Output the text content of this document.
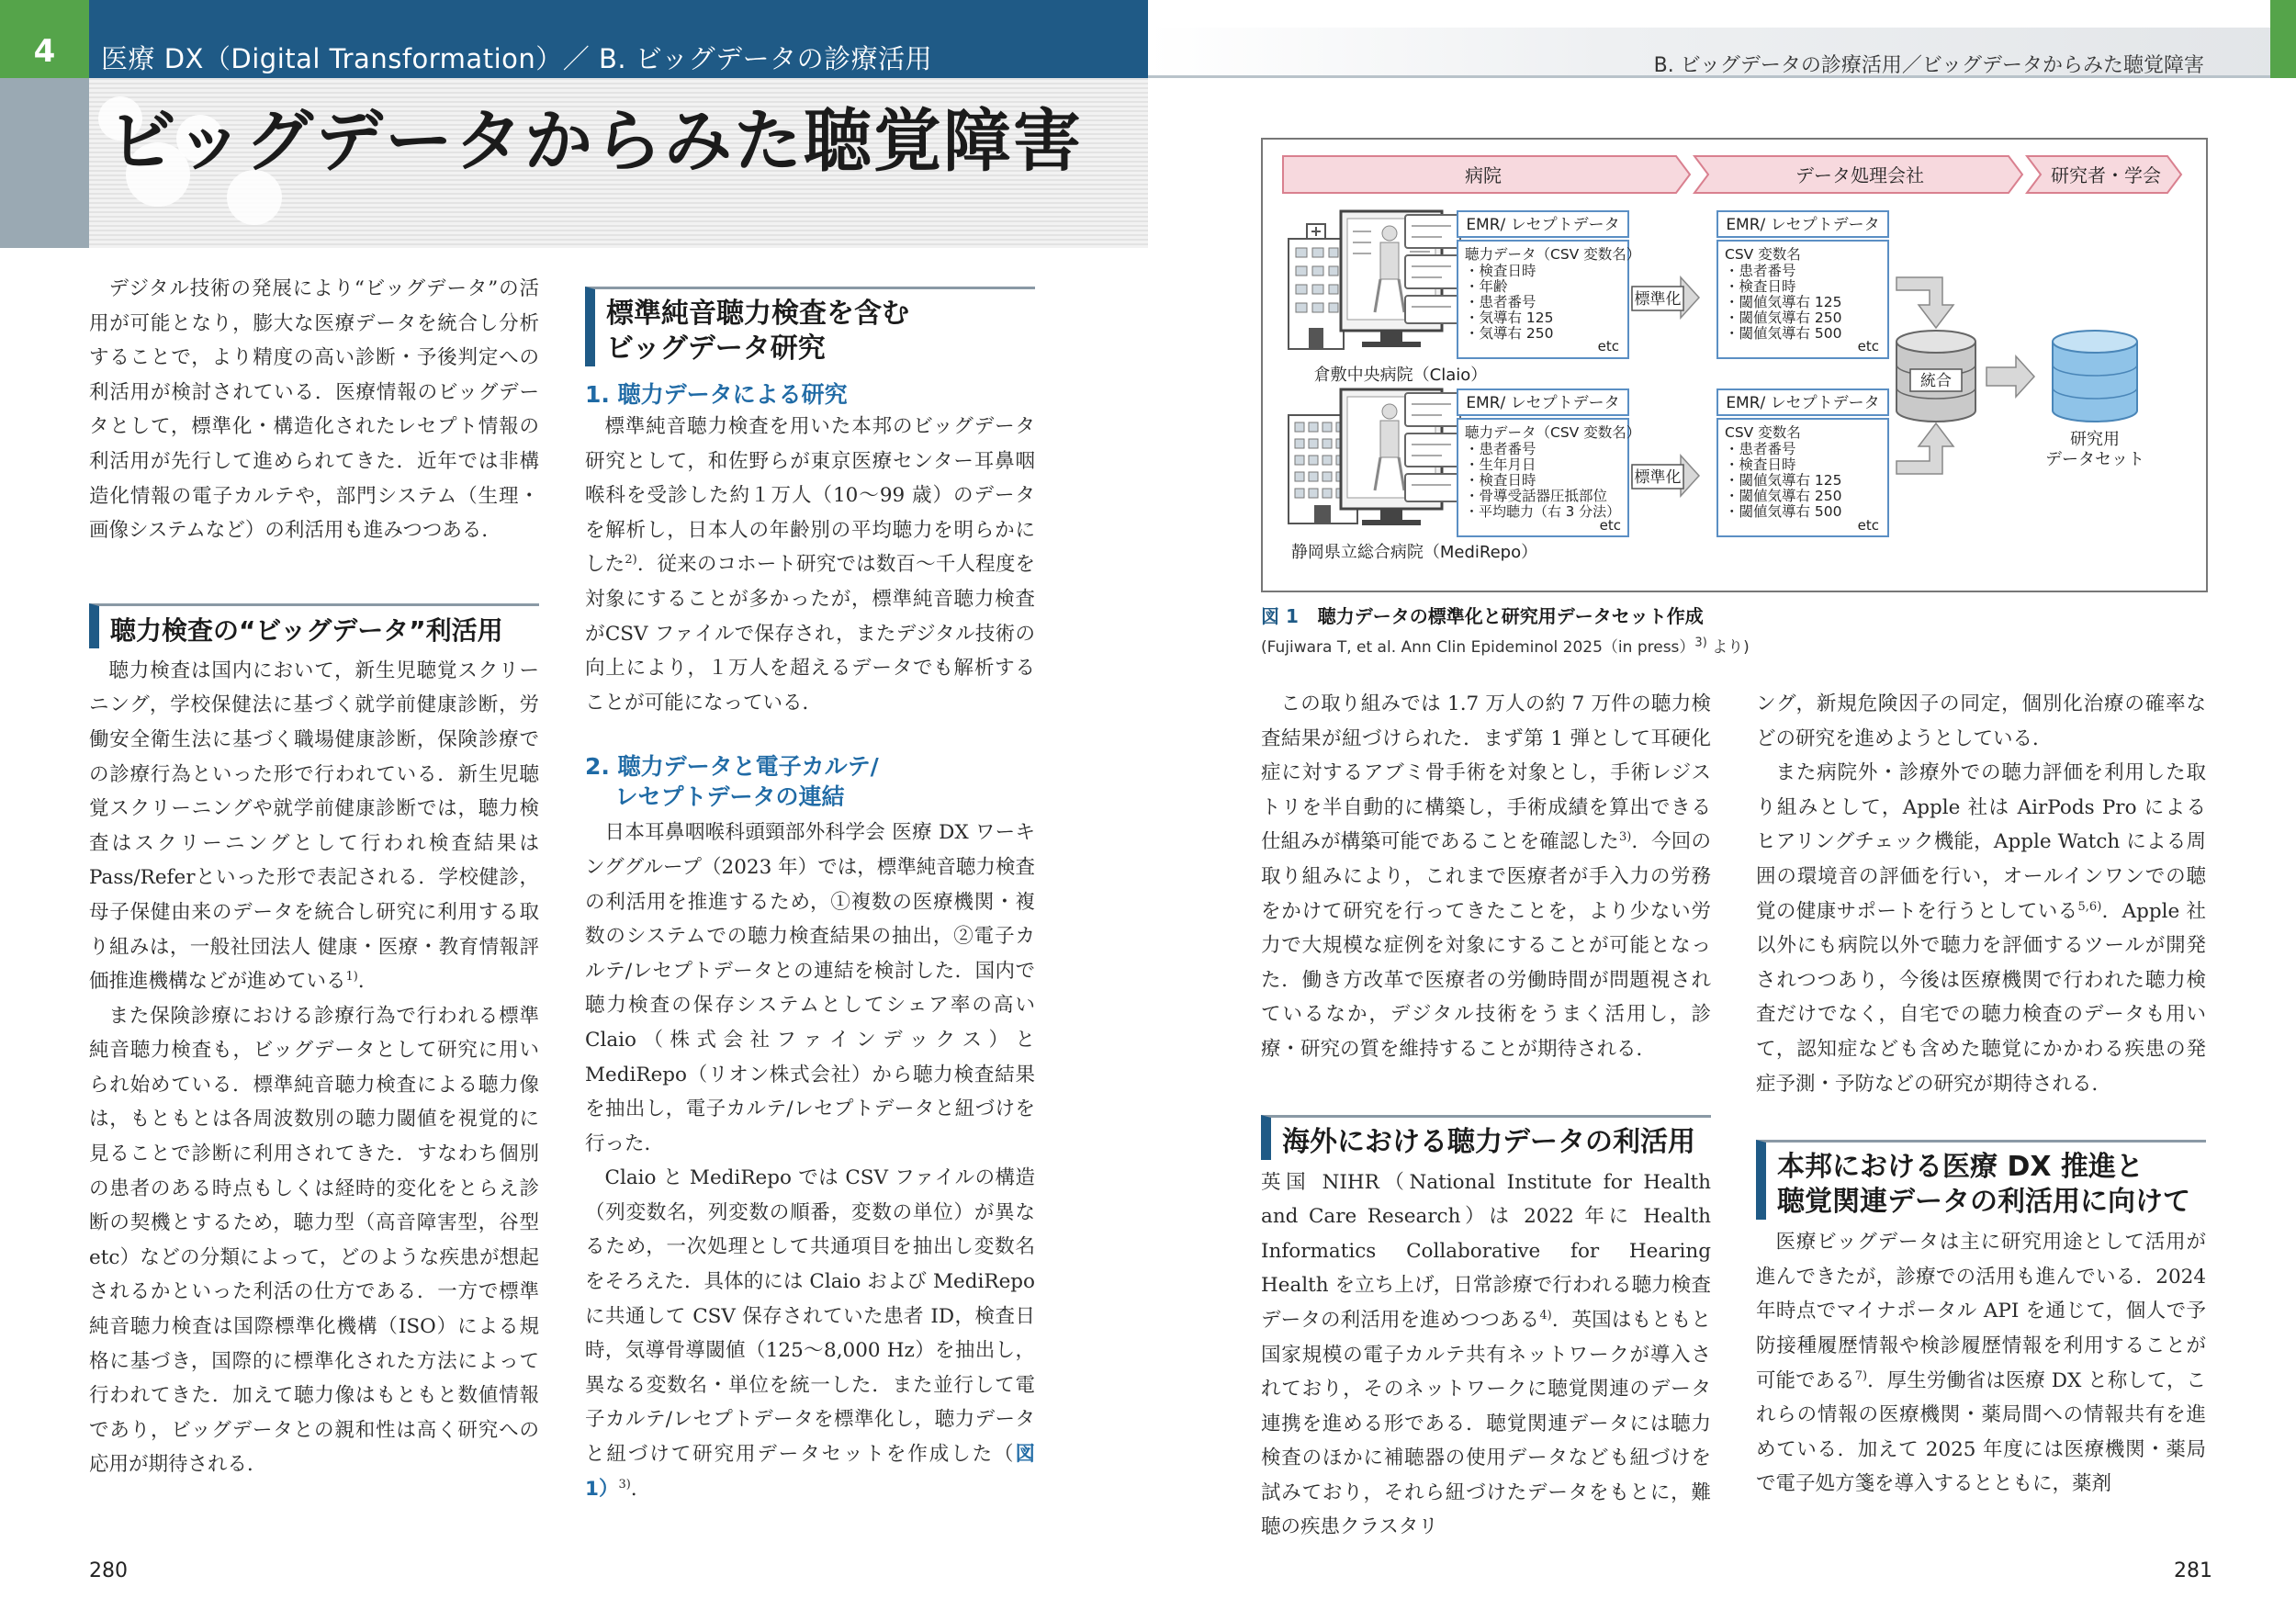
4	医療 DX（Digital Transformation）／ B. ビッグデータの診療活用
ビッグデータからみた聴覚障害
B. ビッグデータの診療活用／ビッグデータからみた聴覚障害

デジタル技術の発展により“ビッグデータ”の活用が可能となり，膨大な医療データを統合し分析することで，より精度の高い診断・予後判定への利活用が検討されている．医療情報のビッグデータとして，標準化・構造化されたレセプト情報の利活用が先行して進められてきた．近年では非構造化情報の電子カルテや，部門システム（生理・画像システムなど）の利活用も進みつつある．

聴力検査の“ビッグデータ”利活用

聴力検査は国内において，新生児聴覚スクリーニング，学校保健法に基づく就学前健康診断，労働安全衛生法に基づく職場健康診断，保険診療での診療行為といった形で行われている．新生児聴覚スクリーニングや就学前健康診断では，聴力検査はスクリーニングとして行われ検査結果はPass/Referといった形で表記される．学校健診，母子保健由来のデータを統合し研究に利用する取り組みは，一般社団法人 健康・医療・教育情報評価推進機構などが進めている$^{1)}$．

また保険診療における診療行為で行われる標準純音聴力検査も，ビッグデータとして研究に用いられ始めている．標準純音聴力検査による聴力像は，もともとは各周波数別の聴力閾値を視覚的に見ることで診断に利用されてきた．すなわち個別の患者のある時点もしくは経時的変化をとらえ診断の契機とするため，聴力型（高音障害型，谷型etc）などの分類によって，どのような疾患が想起されるかといった利活の仕方である．一方で標準純音聴力検査は国際標準化機構（ISO）による規格に基づき，国際的に標準化された方法によって行われてきた．加えて聴力像はもともと数値情報であり，ビッグデータとの親和性は高く研究への応用が期待される．

標準純音聴力検査を含む
ビッグデータ研究
1. 聴力データによる研究

標準純音聴力検査を用いた本邦のビッグデータ研究として，和佐野らが東京医療センター耳鼻咽喉科を受診した約１万人（10～99 歳）のデータを解析し，日本人の年齢別の平均聴力を明らかにした$^{2)}$．従来のコホート研究では数百～千人程度を対象にすることが多かったが，標準純音聴力検査がCSV ファイルで保存され，またデジタル技術の向上により，１万人を超えるデータでも解析することが可能になっている．

2. 聴力データと電子カルテ/
レセプトデータの連結

日本耳鼻咽喉科頭頸部外科学会 医療 DX ワーキンググループ（2023 年）では，標準純音聴力検査の利活用を推進するため，①複数の医療機関・複数のシステムでの聴力検査結果の抽出，②電子カルテ/レセプトデータとの連結を検討した．国内で聴力検査の保存システムとしてシェア率の高い Claio（株式会社ファインデックス）と MediRepo（リオン株式会社）から聴力検査結果を抽出し，電子カルテ/レセプトデータと紐づけを行った．

Claio と MediRepo では CSV ファイルの構造（列変数名，列変数の順番，変数の単位）が異なるため，一次処理として共通項目を抽出し変数名をそろえた．具体的には Claio および MediRepo に共通して CSV 保存されていた患者 ID，検査日時，気導骨導閾値（125～8,000 Hz）を抽出し，異なる変数名・単位を統一した．また並行して電子カルテ/レセプトデータを標準化し，聴力データと紐づけて研究用データセットを作成した（図 1）$^{3)}$．

病院	データ処理会社	研究者・学会
EMR/ レセプトデータ
聴力データ（CSV 変数名）
・検査日時
・年齢
・患者番号
・気導右 125
・気導右 250
etc
倉敷中央病院（Claio）
標準化
EMR/ レセプトデータ
CSV 変数名
・患者番号
・検査日時
・閾値気導右 125
・閾値気導右 250
・閾値気導右 500
etc
EMR/ レセプトデータ
聴力データ（CSV 変数名）
・患者番号
・生年月日
・検査日時
・骨導受話器圧抵部位
・平均聴力（右 3 分法）
etc
静岡県立総合病院（MediRepo）
標準化
EMR/ レセプトデータ
CSV 変数名
・患者番号
・検査日時
・閾値気導右 125
・閾値気導右 250
・閾値気導右 500
etc
統合
研究用
データセット
図 1 聴力データの標準化と研究用データセット作成
(Fujiwara T, et al. Ann Clin Epideminol 2025（in press）$^{3)}$ より)

この取り組みでは 1.7 万人の約 7 万件の聴力検査結果が紐づけられた．まず第 1 弾として耳硬化症に対するアブミ骨手術を対象とし，手術レジストリを半自動的に構築し，手術成績を算出できる仕組みが構築可能であることを確認した$^{3)}$．今回の取り組みにより，これまで医療者が手入力の労務をかけて研究を行ってきたことを，より少ない労力で大規模な症例を対象にすることが可能となった．働き方改革で医療者の労働時間が問題視されているなか，デジタル技術をうまく活用し，診療・研究の質を維持することが期待される．

海外における聴力データの利活用

英国 NIHR（National Institute for Health and Care Research）は 2022 年に Health Informatics Collaborative for Hearing Health を立ち上げ，日常診療で行われる聴力検査データの利活用を進めつつある$^{4)}$．英国はもともと国家規模の電子カルテ共有ネットワークが導入されており，そのネットワークに聴覚関連のデータ連携を進める形である．聴覚関連データには聴力検査のほかに補聴器の使用データなども紐づけを試みており，それら紐づけたデータをもとに，難聴の疾患クラスタリ

ング，新規危険因子の同定，個別化治療の確率などの研究を進めようとしている．

また病院外・診療外での聴力評価を利用した取り組みとして，Apple 社は AirPods Pro によるヒアリングチェック機能，Apple Watch による周囲の環境音の評価を行い，オールインワンでの聴覚の健康サポートを行うとしている$^{5,6)}$．Apple 社以外にも病院以外で聴力を評価するツールが開発されつつあり，今後は医療機関で行われた聴力検査だけでなく，自宅での聴力検査のデータも用いて，認知症なども含めた聴覚にかかわる疾患の発症予測・予防などの研究が期待される．

本邦における医療 DX 推進と
聴覚関連データの利活用に向けて

医療ビッグデータは主に研究用途として活用が進んできたが，診療での活用も進んでいる．2024 年時点でマイナポータル API を通じて，個人で予防接種履歴情報や検診履歴情報を利用することが可能である$^{7)}$．厚生労働省は医療 DX と称して，これらの情報の医療機関・薬局間への情報共有を進めている．加えて 2025 年度には医療機関・薬局で電子処方箋を導入するとともに，薬剤

280	281
